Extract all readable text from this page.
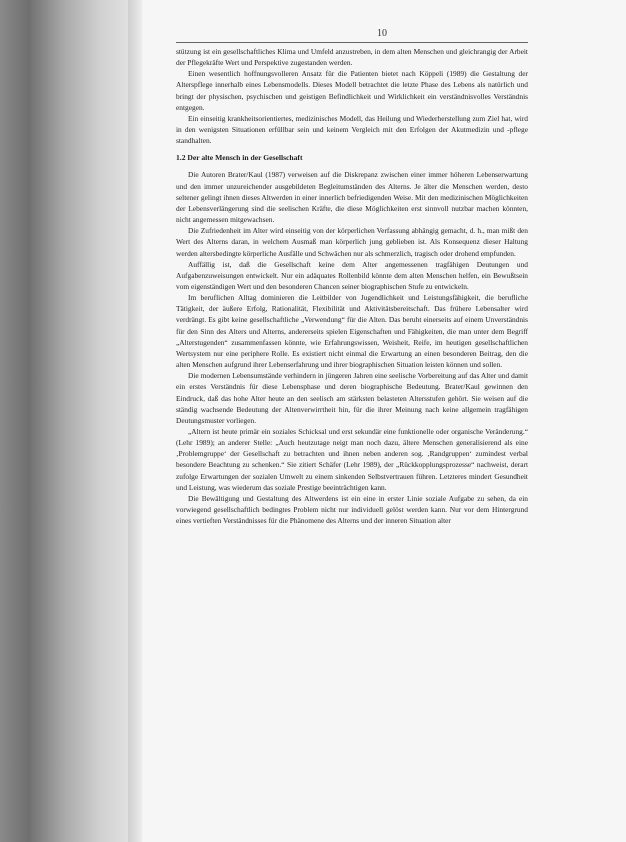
10

stützung ist ein gesellschaftliches Klima und Umfeld anzustreben, in dem alten Menschen und gleichrangig der Arbeit der Pflegekräfte Wert und Perspektive zugestanden werden.

Einen wesentlich hoffnungsvolleren Ansatz für die Patienten bietet nach Köppeli (1989) die Gestaltung der Alterspflege innerhalb eines Lebensmodells. Dieses Modell betrachtet die letzte Phase des Lebens als natürlich und bringt der physischen, psychischen und geistigen Befindlichkeit und Wirklichkeit ein verständnisvolles Verständnis entgegen.

Ein einseitig krankheitsorientiertes, medizinisches Modell, das Heilung und Wiederherstellung zum Ziel hat, wird in den wenigsten Situationen erfüllbar sein und keinem Vergleich mit den Erfolgen der Akutmedizin und -pflege standhalten.

1.2 Der alte Mensch in der Gesellschaft

Die Autoren Brater/Kaul (1987) verweisen auf die Diskrepanz zwischen einer immer höheren Lebenserwartung und den immer unzureichender ausgebildeten Begleitumständen des Alterns. Je älter die Menschen werden, desto seltener gelingt ihnen dieses Altwerden in einer innerlich befriedigenden Weise. Mit den medizinischen Möglichkeiten der Lebensverlängerung sind die seelischen Kräfte, die diese Möglichkeiten erst sinnvoll nutzbar machen könnten, nicht angemessen mitgewachsen.

Die Zufriedenheit im Alter wird einseitig von der körperlichen Verfassung abhängig gemacht, d. h., man mißt den Wert des Alterns daran, in welchem Ausmaß man körperlich jung geblieben ist. Als Konsequenz dieser Haltung werden altersbedingte körperliche Ausfälle und Schwächen nur als schmerzlich, tragisch oder drohend empfunden.

Auffällig ist, daß die Gesellschaft keine dem Alter angemessenen tragfähigen Deutungen und Aufgabenzuweisungen entwickelt. Nur ein adäquates Rollenbild könnte dem alten Menschen helfen, ein Bewußtsein vom eigenständigen Wert und den besonderen Chancen seiner biographischen Stufe zu entwickeln.

Im beruflichen Alltag dominieren die Leitbilder von Jugendlichkeit und Leistungsfähigkeit, die berufliche Tätigkeit, der äußere Erfolg, Rationalität, Flexibilität und Aktivitätsbereitschaft. Das frühere Lebensalter wird verdrängt. Es gibt keine gesellschaftliche „Verwendung“ für die Alten. Das beruht einerseits auf einem Unverständnis für den Sinn des Alters und Alterns, andererseits spielen Eigenschaften und Fähigkeiten, die man unter dem Begriff „Alterstugenden“ zusammenfassen könnte, wie Erfahrungswissen, Weisheit, Reife, im heutigen gesellschaftlichen Wertsystem nur eine periphere Rolle. Es existiert nicht einmal die Erwartung an einen besonderen Beitrag, den die alten Menschen aufgrund ihrer Lebenserfahrung und ihrer biographischen Situation leisten können und sollen.

Die modernen Lebensumstände verhindern in jüngeren Jahren eine seelische Vorbereitung auf das Alter und damit ein erstes Verständnis für diese Lebensphase und deren biographische Bedeutung. Brater/Kaul gewinnen den Eindruck, daß das hohe Alter heute an den seelisch am stärksten belasteten Altersstufen gehört. Sie weisen auf die ständig wachsende Bedeutung der Altenverwirrtheit hin, für die ihrer Meinung nach keine allgemein tragfähigen Deutungsmuster vorliegen.

„Altern ist heute primär ein soziales Schicksal und erst sekundär eine funktionelle oder organische Veränderung.“ (Lehr 1989); an anderer Stelle: „Auch heutzutage neigt man noch dazu, ältere Menschen generalisierend als eine ‚Problemgruppe‘ der Gesellschaft zu betrachten und ihnen neben anderen sog. ‚Randgruppen‘ zumindest verbal besondere Beachtung zu schenken.“ Sie zitiert Schäfer (Lehr 1989), der „Rückkopplungsprozesse“ nachweist, derart zufolge Erwartungen der sozialen Umwelt zu einem sinkenden Selbstvertrauen führen. Letzteres mindert Gesundheit und Leistung, was wiederum das soziale Prestige beeinträchtigen kann.

Die Bewältigung und Gestaltung des Altwerdens ist ein eine in erster Linie soziale Aufgabe zu sehen, da ein vorwiegend gesellschaftlich bedingtes Problem nicht nur individuell gelöst werden kann. Nur vor dem Hintergrund eines vertieften Verständnisses für die Phänomene des Alterns und der inneren Situation alter
